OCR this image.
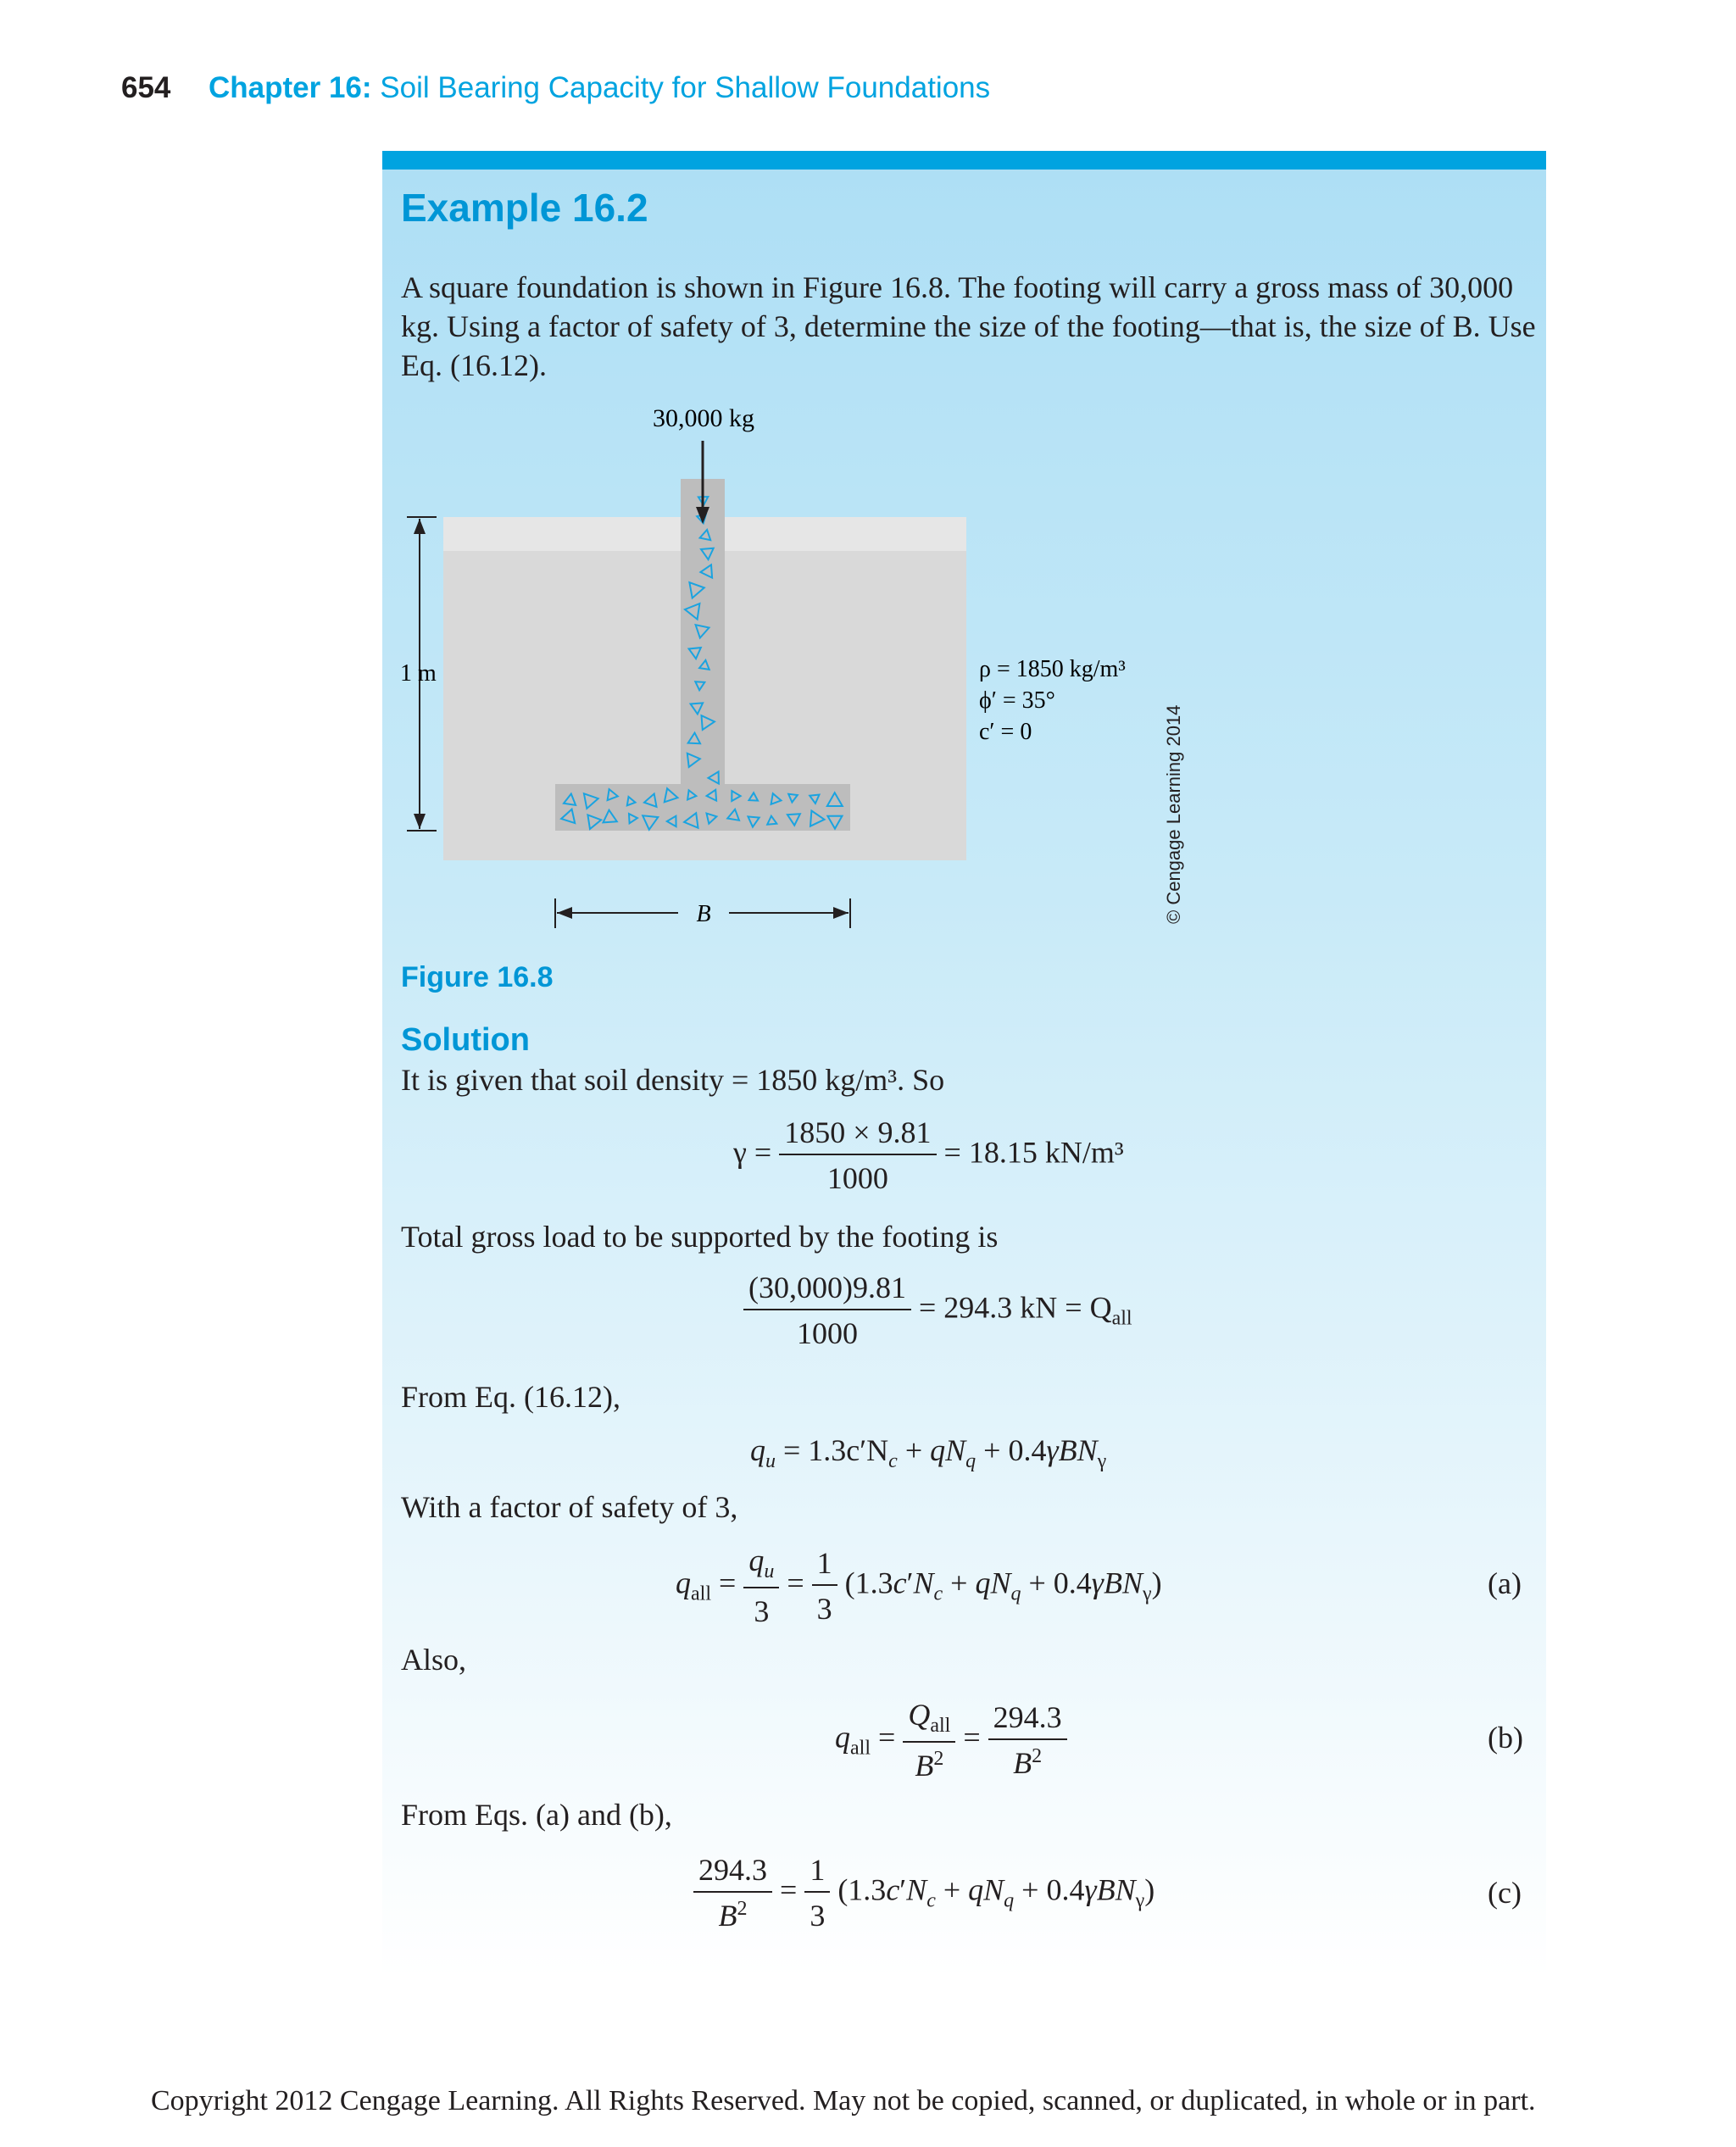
654 Chapter 16: Soil Bearing Capacity for Shallow Foundations
Example 16.2
A square foundation is shown in Figure 16.8. The footing will carry a gross mass of 30,000 kg. Using a factor of safety of 3, determine the size of the footing—that is, the size of B. Use Eq. (16.12).
30,000 kg
1 m
B
ρ = 1850 kg/m³
ϕ′ = 35°
c′ = 0	© Cengage Learning 2014
Figure 16.8
Solution
It is given that soil density = 1850 kg/m³. So
$\gamma = \frac{1850 \times 9.81}{1000} = 18.15$ kN/m³
Total gross load to be supported by the footing is
$\frac{(30,000)9.81}{1000} = 294.3$ kN = $Q_{all}$
From Eq. (16.12),
$q_u = 1.3c'N_c + qN_q + 0.4\gamma BN_\gamma$
With a factor of safety of 3,
$q_{all} = \frac{q_u}{3} = \frac{1}{3} (1.3c'N_c + qN_q + 0.4\gamma BN_\gamma)$	(a)
Also,
$q_{all} = \frac{Q_{all}}{B^2} = \frac{294.3}{B^2}$	(b)
From Eqs. (a) and (b),
$\frac{294.3}{B^2} = \frac{1}{3} (1.3c'N_c + qN_q + 0.4\gamma BN_\gamma)$	(c)
Copyright 2012 Cengage Learning. All Rights Reserved. May not be copied, scanned, or duplicated, in whole or in part.
